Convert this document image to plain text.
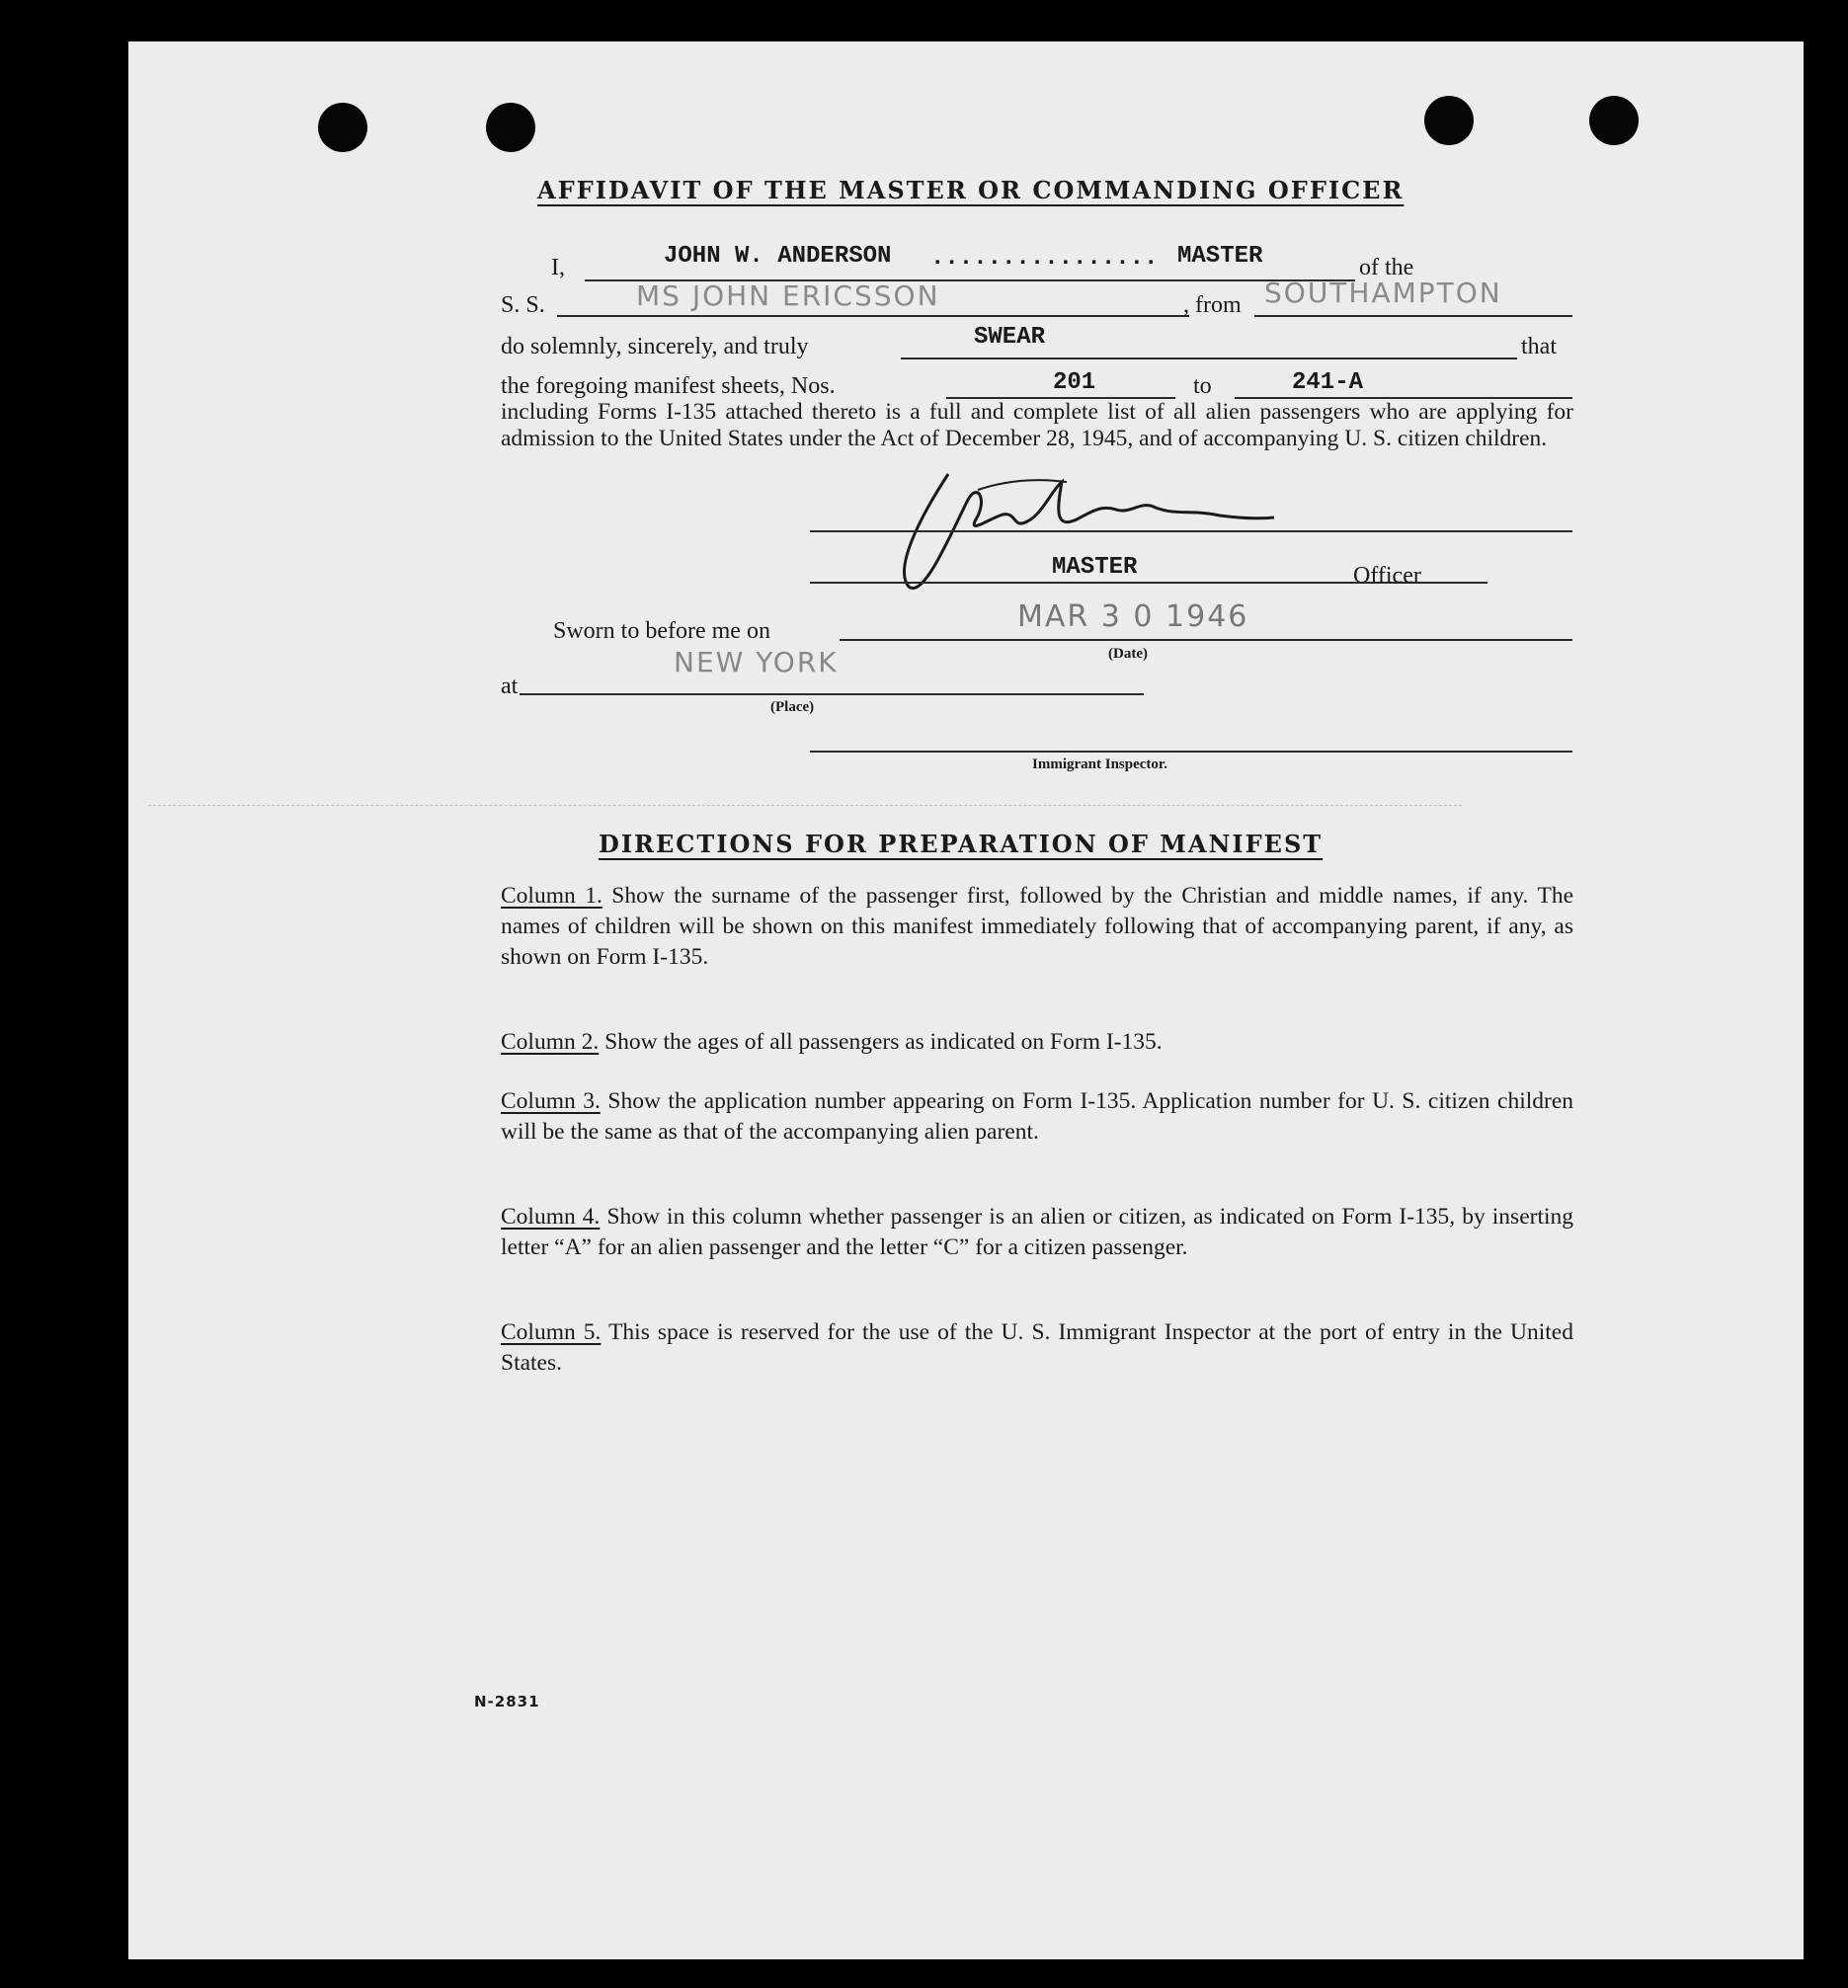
AFFIDAVIT OF THE MASTER OR COMMANDING OFFICER
I,	JOHN W. ANDERSON ................ MASTER	of the
S. S.	MS JOHN ERICSSON	, from SOUTHAMPTON
do solemnly, sincerely, and truly	SWEAR	that
the foregoing manifest sheets, Nos.	201	to	241-A
including Forms I-135 attached thereto is a full and complete list of all alien passengers who are applying for admission to the United States under the Act of December 28, 1945, and of accompanying U. S. citizen children.
MASTER	Officer
Sworn to before me on	MAR 3 0 1946
(Date)
NEW YORK
at
(Place)
Immigrant Inspector.
DIRECTIONS FOR PREPARATION OF MANIFEST
Column 1. Show the surname of the passenger first, followed by the Christian and middle names, if any. The names of children will be shown on this manifest immediately following that of accompanying parent, if any, as shown on Form I-135.
Column 2. Show the ages of all passengers as indicated on Form I-135.
Column 3. Show the application number appearing on Form I-135. Application number for U. S. citizen children will be the same as that of the accompanying alien parent.
Column 4. Show in this column whether passenger is an alien or citizen, as indicated on Form I-135, by inserting letter “A” for an alien passenger and the letter “C” for a citizen passenger.
Column 5. This space is reserved for the use of the U. S. Immigrant Inspector at the port of entry in the United States.
N-2831
